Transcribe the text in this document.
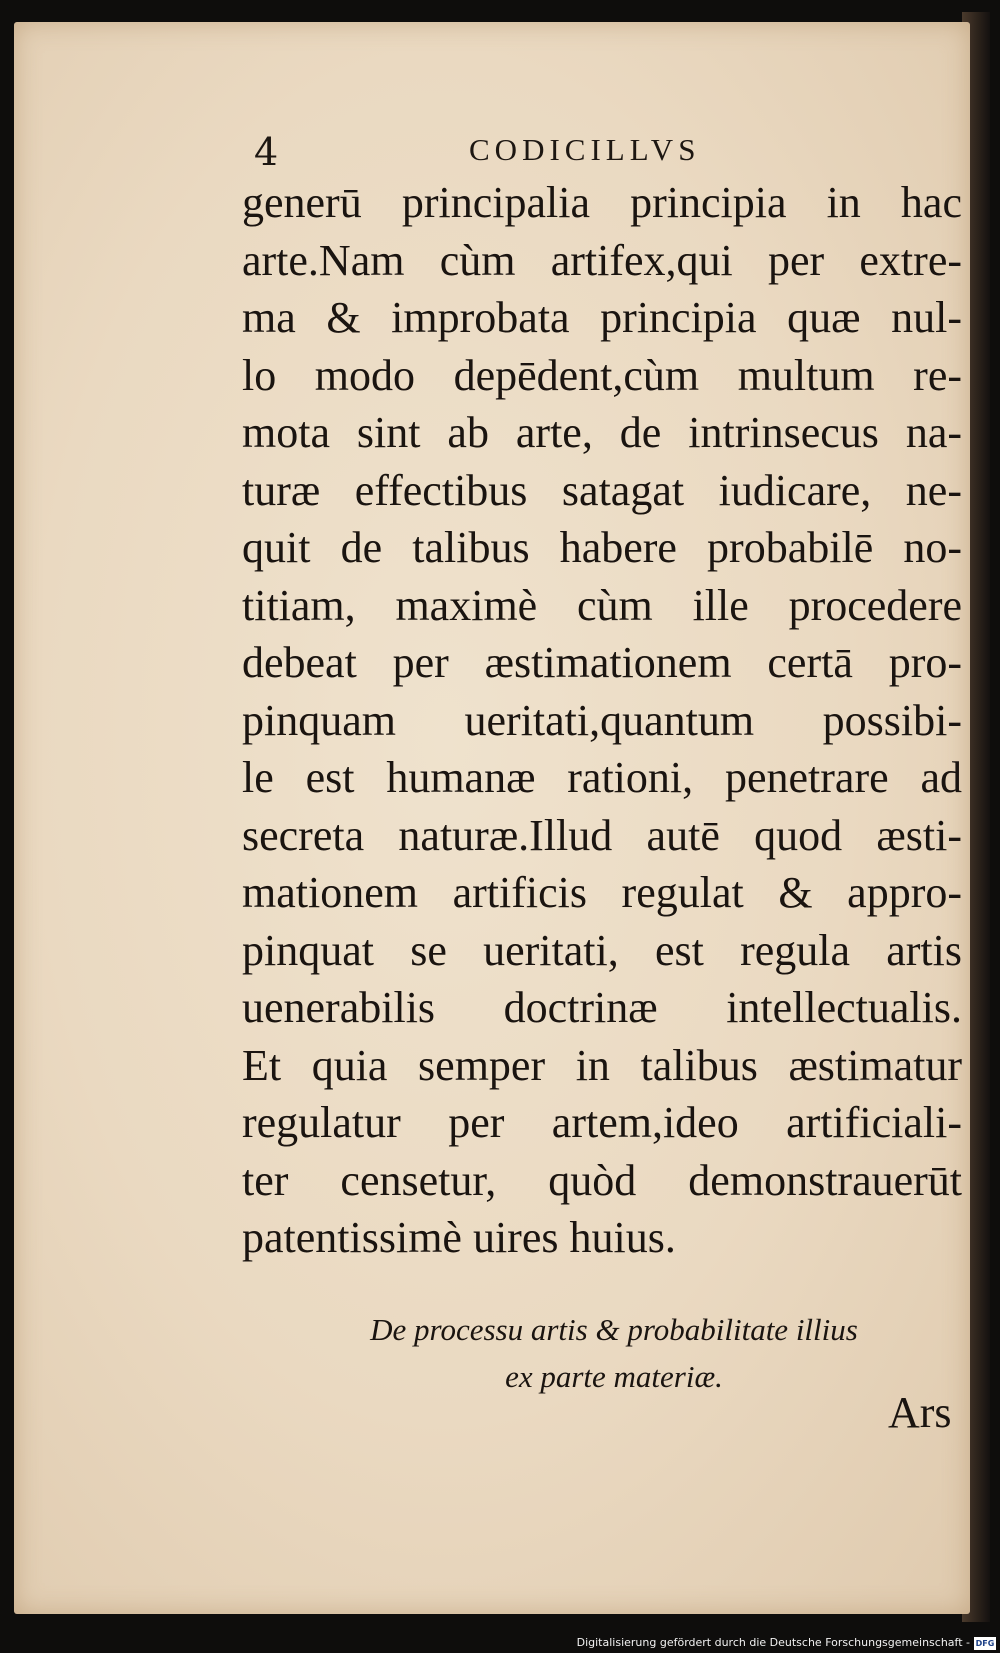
4	CODICILLVS
generū principalia principia in hac
arte.Nam cùm artifex,qui per extre-
ma & improbata principia quæ nul-
lo modo depēdent,cùm multum re-
mota sint ab arte, de intrinsecus na-
turæ effectibus satagat iudicare, ne-
quit de talibus habere probabilē no-
titiam, maximè cùm ille procedere
debeat per æstimationem certā pro-
pinquam ueritati,quantum possibi-
le est humanæ rationi, penetrare ad
secreta naturæ.Illud autē quod æsti-
mationem artificis regulat & appro-
pinquat se ueritati, est regula artis
uenerabilis doctrinæ intellectualis.
Et quia semper in talibus æstimatur
regulatur per artem,ideo artificiali-
ter censetur, quòd demonstrauerūt
patentissimè uires huius.
De processu artis & probabilitate illius
ex parte materiæ.
Ars
Digitalisierung gefördert durch die Deutsche Forschungsgemeinschaft - DFG
